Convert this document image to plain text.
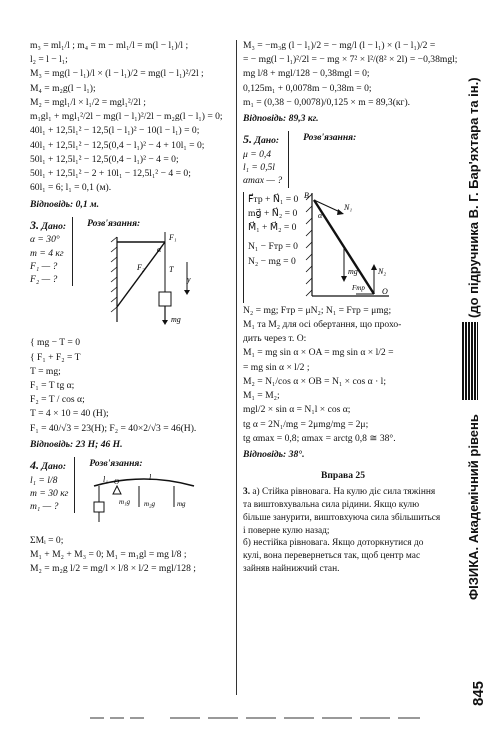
m₃ = ml₁/l ; m₄ = m − ml₁/l = m(l − l₁)/l ;
l₂ = l − l₁;
M₃ = mg(l − l₁)/l × (l − l₁)/2 = mg(l − l₁)²/2l ;
M₄ = m₂g(l − l₁);
M₂ = mgl₁/l × l₁/2 = mgl₁²/2l ;
m₁gl₁ + mgl₁²/2l − mg(l − l₁)²/2l − m₂g(l − l₁) = 0;
40l₁ + 12,5l₁² − 12,5(l − l₁)² − 10(l − l₁) = 0;
40l₁ + 12,5l₁² − 12,5(0,4 − l₁)² − 4 + 10l₁ = 0;
50l₁ + 12,5l₁² − 12,5(0,4 − l₁)² − 4 = 0;
50l₁ + 12,5l₁² − 2 + 10l₁ − 12,5l₁² − 4 = 0;
60l₁ = 6; l₁ = 0,1 (м).
Відповідь: 0,1 м.
3. Дано:
α = 30°
m = 4 кг
F₁ — ?
F₂ — ?
Розв'язання:
F₁
F₂	T
α
y
mg
{ mg − T = 0
{ F₁ + F₂ = T
T = mg;
F₁ = T tg α;
F₂ = T / cos α;
T = 4 × 10 = 40 (H);
F₁ = 40/√3 = 23(H); F₂ = 40×2/√3 = 46(H).
Відповідь: 23 Н; 46 Н.
4. Дано:
l₁ = l/8
m = 30 кг
m₁ — ?
Розв'язання:
l
l₁
m₁g m₂g	mg
O
ΣMᵢ = 0;
M₁ + M₂ + M₃ = 0; M₁ = m₁gl = mg l/8 ;
M₂ = m₂g l/2 = mg/l × l/8 × l/2 = mgl/128 ;
M₃ = −m₃g (l − l₁)/2 = − mg/l (l − l₁) × (l − l₁)/2 =
= − mg(l − l₁)²/2l = − mg × 7² × l²/(8² × 2l) = −0,38mgl;
mg l/8 + mgl/128 − 0,38mgl = 0;
0,125m₁ + 0,0078m − 0,38m = 0;
m₁ = (0,38 − 0,0078)/0,125 × m = 89,3(кг).
Відповідь: 89,3 кг.
5. Дано:
μ = 0,4
l₁ = 0,5l
αmax — ?
Розв'язання:
F⃗тр + N⃗₁ = 0
mg⃗ + N⃗₂ = 0
M⃗₁ + M⃗₂ = 0
N₁ − Fтр = 0
N₂ − mg = 0
B
N₁
N₂
Fтр
mg
O
α
N₂ = mg; Fтр = μN₂; N₁ = Fтр = μmg;
M₁ та M₂ для осі обертання, що прохо-
дить через т. O:
M₁ = mg sin α × OA = mg sin α × l/2 =
= mg sin α × l/2 ;
M₂ = N₁/cos α × OB = N₁ × cos α · l;
M₁ = M₂;
mgl/2 × sin α = N₁l × cos α;
tg α = 2N₁/mg = 2μmg/mg = 2μ;
tg αmax = 0,8; αmax = arctg 0,8 ≅ 38°.
Відповідь: 38°.
Вправа 25
3. а) Стійка рівновага. На кулю діє сила тяжіння та виштовхувальна сила рідини. Якщо кулю більше занурити, виштовхуюча сила збільшиться і поверне кулю назад;
б) нестійка рівновага. Якщо доторкнутися до кулі, вона перевернеться так, щоб центр мас зайняв найнижчий стан.
(до підручника В. Г. Бар'яхтара та ін.)
ФІЗИКА. Академічний рівень
845
